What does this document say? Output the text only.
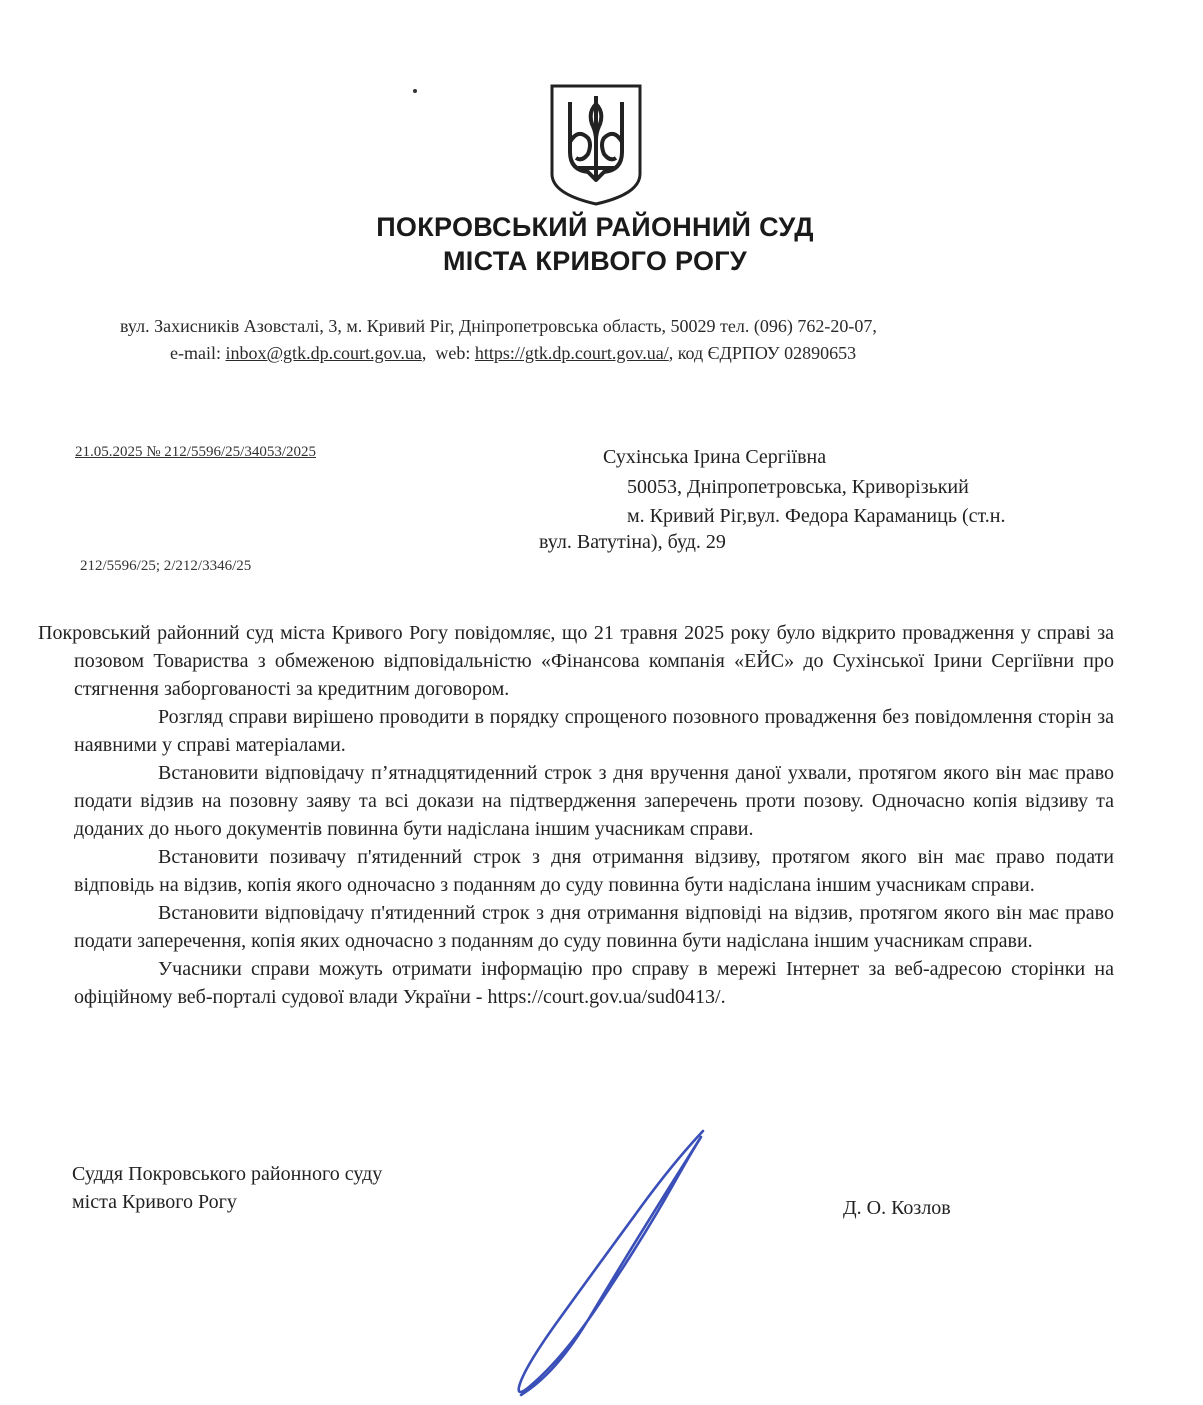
ПОКРОВСЬКИЙ РАЙОННИЙ СУД
МІСТА КРИВОГО РОГУ
вул. Захисників Азовсталі, 3, м. Кривий Ріг, Дніпропетровська область, 50029 тел. (096) 762-20-07,
e-mail: inbox@gtk.dp.court.gov.ua,  web: https://gtk.dp.court.gov.ua/, код ЄДРПОУ 02890653
21.05.2025 № 212/5596/25/34053/2025
212/5596/25; 2/212/3346/25
Сухінська Ірина Сергіївна
50053, Дніпропетровська, Криворізький
м. Кривий Ріг,вул. Федора Караманиць (ст.н.
вул. Ватутіна), буд. 29

Покровський районний суд міста Кривого Рогу повідомляє, що 21 травня 2025 року було відкрито провадження у справі за позовом Товариства з обмеженою відповідальністю «Фінансова компанія «ЕЙС» до Сухінської Ірини Сергіївни про стягнення заборгованості за кредитним договором.

Розгляд справи вирішено проводити в порядку спрощеного позовного провадження без повідомлення сторін за наявними у справі матеріалами.

Встановити відповідачу п’ятнадцятиденний строк з дня вручення даної ухвали, протягом якого він має право подати відзив на позовну заяву та всі докази на підтвердження заперечень проти позову. Одночасно копія відзиву та доданих до нього документів повинна бути надіслана іншим учасникам справи.

Встановити позивачу п'ятиденний строк з дня отримання відзиву, протягом якого він має право подати відповідь на відзив, копія якого одночасно з поданням до суду повинна бути надіслана іншим учасникам справи.

Встановити відповідачу п'ятиденний строк з дня отримання відповіді на відзив, протягом якого він має право подати заперечення, копія яких одночасно з поданням до суду повинна бути надіслана іншим учасникам справи.

Учасники справи можуть отримати інформацію про справу в мережі Інтернет за веб-адресою сторінки на офіційному веб-порталі судової влади України - https://court.gov.ua/sud0413/.

Суддя Покровського районного суду
міста Кривого Рогу	Д. О. Козлов
